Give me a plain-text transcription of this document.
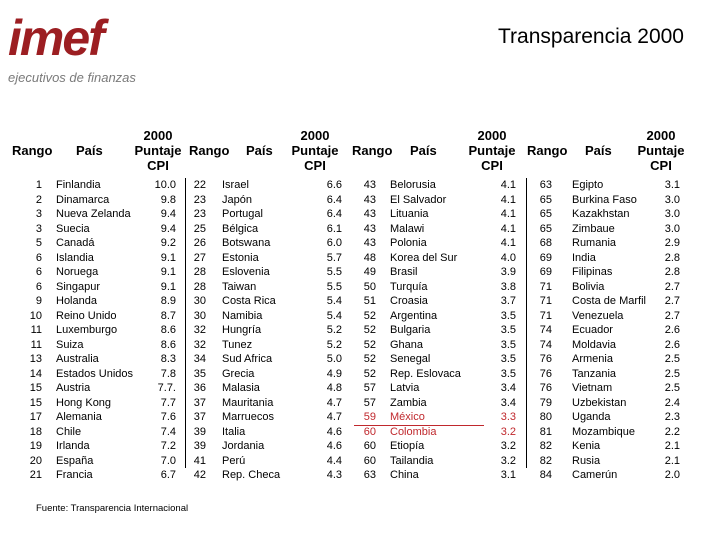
imef
ejecutivos de finanzas
Transparencia 2000
Rango País
2000
Puntaje
CPI
Rango País
2000
Puntaje
CPI
Rango País
2000
Puntaje
CPI
Rango País
2000
Puntaje
CPI
1
2
3
3
5
6
6
6
9
10
11
11
13
14
15
15
17
18
19
20
21
Finlandia
Dinamarca
Nueva Zelanda
Suecia
Canadá
Islandia
Noruega
Singapur
Holanda
Reino Unido
Luxemburgo
Suiza
Australia
Estados Unidos
Austria
Hong Kong
Alemania
Chile
Irlanda
España
Francia
10.0
9.8
9.4
9.4
9.2
9.1
9.1
9.1
8.9
8.7
8.6
8.6
8.3
7.8
7.7.
7.7
7.6
7.4
7.2
7.0
6.7
22
23
23
25
26
27
28
28
30
30
32
32
34
35
36
37
37
39
39
41
42
Israel
Japón
Portugal
Bélgica
Botswana
Estonia
Eslovenia
Taiwan
Costa Rica
Namibia
Hungría
Tunez
Sud Africa
Grecia
Malasia
Mauritania
Marruecos
Italia
Jordania
Perú
Rep. Checa
6.6
6.4
6.4
6.1
6.0
5.7
5.5
5.5
5.4
5.4
5.2
5.2
5.0
4.9
4.8
4.7
4.7
4.6
4.6
4.4
4.3
43
43
43
43
43
48
49
50
51
52
52
52
52
52
57
57
59
60
60
60
63
Belorusia
El Salvador
Lituania
Malawi
Polonia
Korea del Sur
Brasil
Turquía
Croasia
Argentina
Bulgaria
Ghana
Senegal
Rep. Eslovaca
Latvia
Zambia
México
Colombia
Etiopía
Tailandia
China
4.1
4.1
4.1
4.1
4.1
4.0
3.9
3.8
3.7
3.5
3.5
3.5
3.5
3.5
3.4
3.4
3.3
3.2
3.2
3.2
3.1
63
65
65
65
68
69
69
71
71
71
74
74
76
76
76
79
80
81
82
82
84
Egipto
Burkina Faso
Kazakhstan
Zimbaue
Rumania
India
Filipinas
Bolivia
Costa de Marfil
Venezuela
Ecuador
Moldavia
Armenia
Tanzania
Vietnam
Uzbekistan
Uganda
Mozambique
Kenia
Rusia
Camerún
3.1
3.0
3.0
3.0
2.9
2.8
2.8
2.7
2.7
2.7
2.6
2.6
2.5
2.5
2.5
2.4
2.3
2.2
2.1
2.1
2.0
Fuente: Transparencia Internacional
